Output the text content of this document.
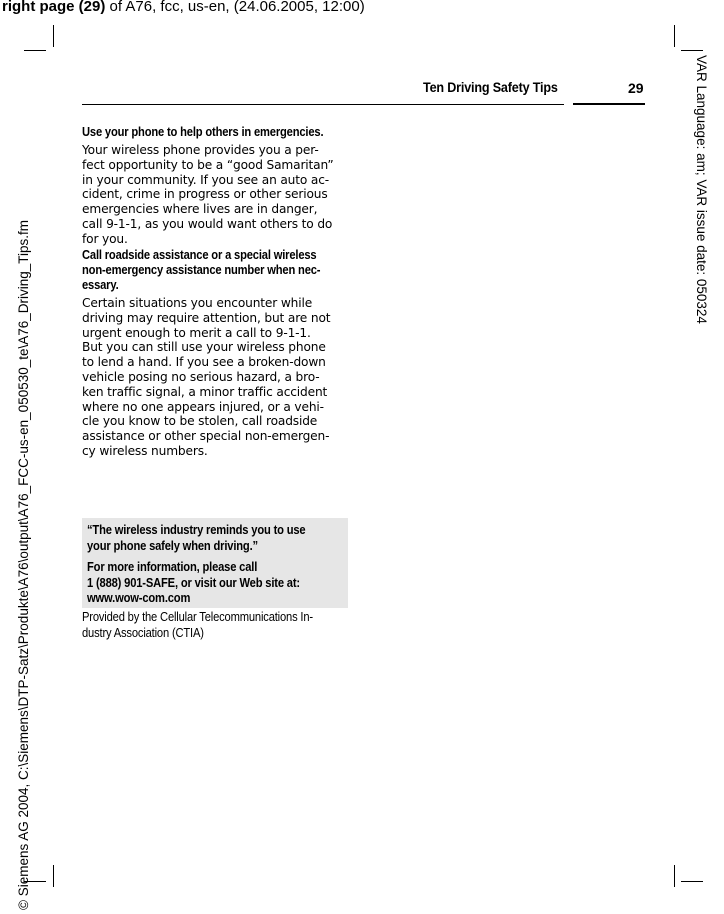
right page (29) of A76, fcc, us-en, (24.06.2005, 12:00)
© Siemens AG 2004, C:\Siemens\DTP-Satz\Produkte\A76\output\A76_FCC-us-en_050530_te\A76_Driving_Tips.fm
VAR Language: am; VAR issue date: 050324
Ten Driving Safety Tips	29
Use your phone to help others in emergencies.
Your wireless phone provides you a per-
fect opportunity to be a “good Samaritan”
in your community. If you see an auto ac-
cident, crime in progress or other serious
emergencies where lives are in danger,
call 9-1-1, as you would want others to do
for you.
Call roadside assistance or a special wireless
non-emergency assistance number when nec-
essary.
Certain situations you encounter while
driving may require attention, but are not
urgent enough to merit a call to 9-1-1.
But you can still use your wireless phone
to lend a hand. If you see a broken-down
vehicle posing no serious hazard, a bro-
ken traffic signal, a minor traffic accident
where no one appears injured, or a vehi-
cle you know to be stolen, call roadside
assistance or other special non-emergen-
cy wireless numbers.
“The wireless industry reminds you to use
your phone safely when driving.”
For more information, please call
1 (888) 901-SAFE, or visit our Web site at:
www.wow-com.com
Provided by the Cellular Telecommunications In-
dustry Association (CTIA)
